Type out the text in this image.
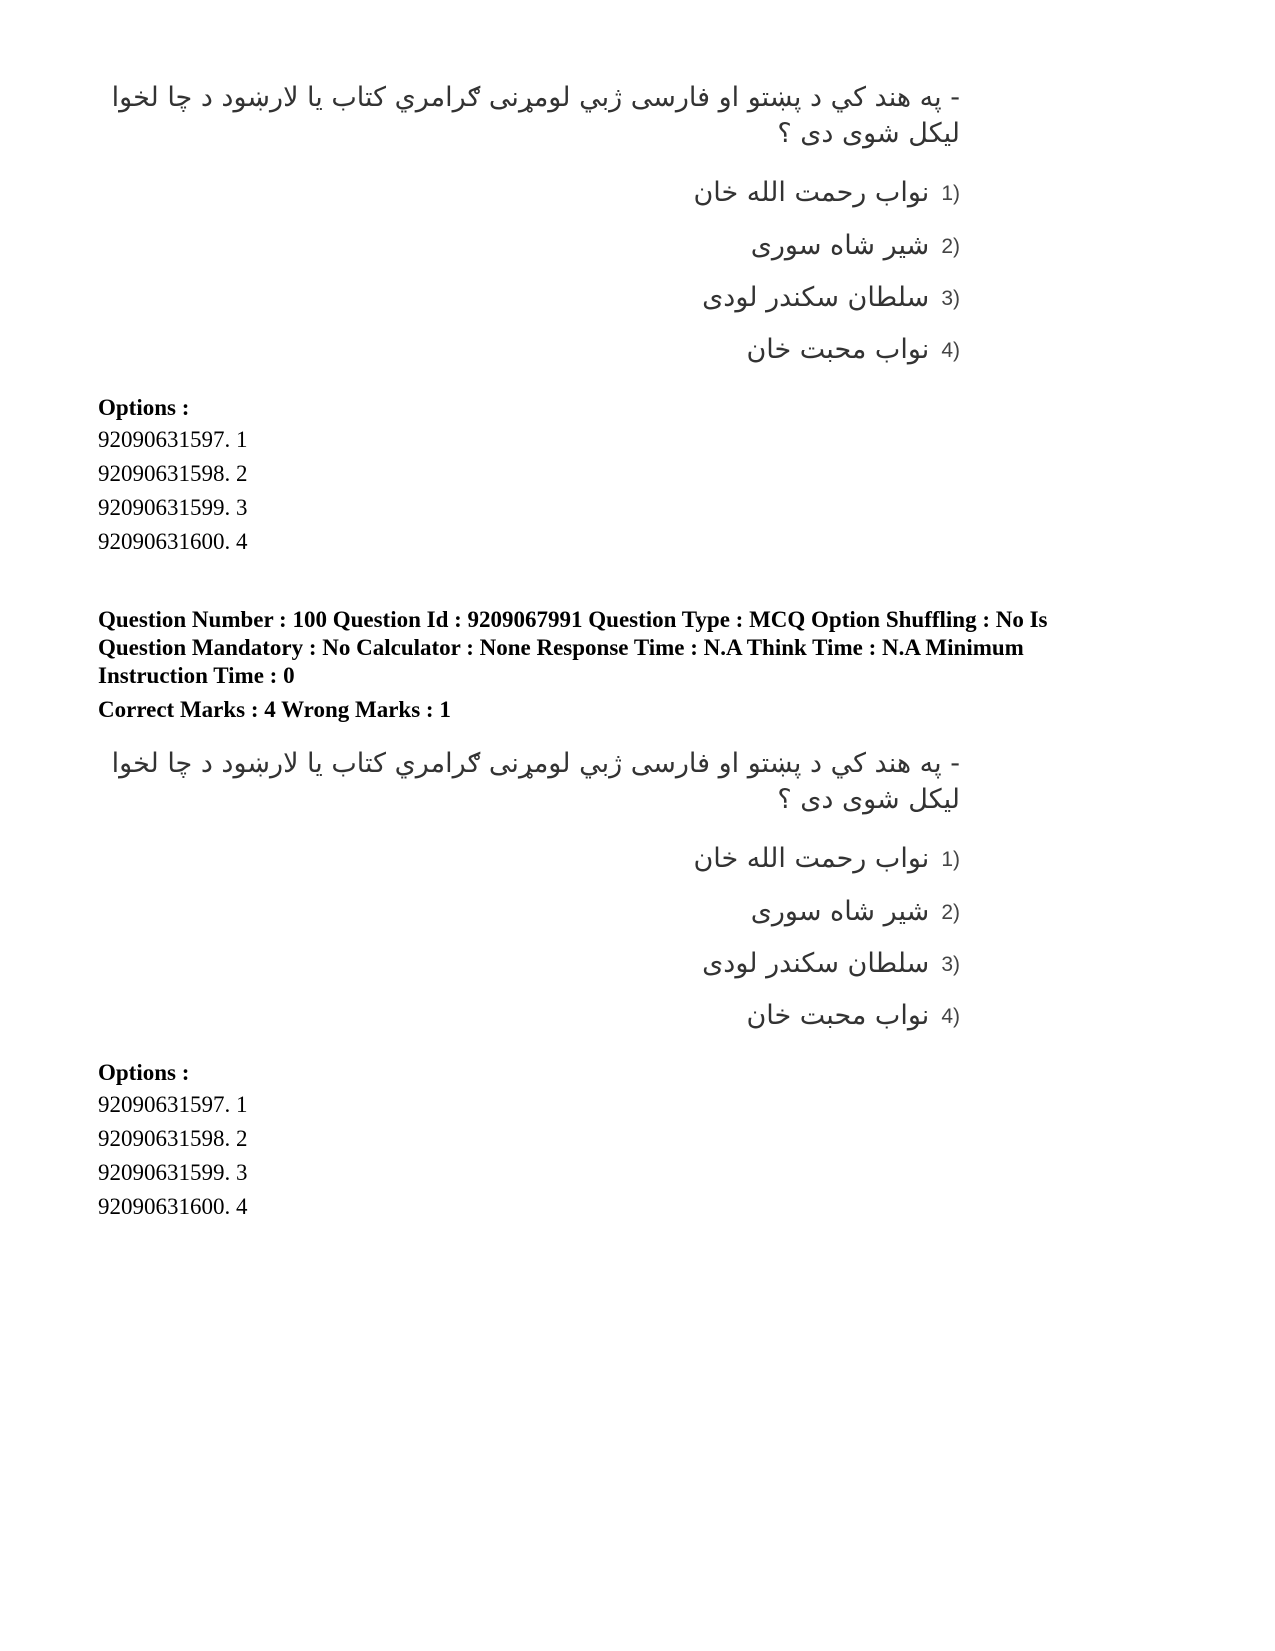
- په هند کي د پښتو او فارسی ژبي لومړنی ګرامري کتاب یا لارښود د چا لخوا لیکل شوی دی ؟

1)نواب رحمت الله خان
2)شیر شاه سوری
3)سلطان سکندر لودی
4)نواب محبت خان

Options :

92090631597. 1

92090631598. 2

92090631599. 3

92090631600. 4

Question Number : 100 Question Id : 9209067991 Question Type : MCQ Option Shuffling : No Is

Question Mandatory : No Calculator : None Response Time : N.A Think Time : N.A Minimum

Instruction Time : 0

Correct Marks : 4 Wrong Marks : 1

- په هند کي د پښتو او فارسی ژبي لومړنی ګرامري کتاب یا لارښود د چا لخوا لیکل شوی دی ؟

1)نواب رحمت الله خان
2)شیر شاه سوری
3)سلطان سکندر لودی
4)نواب محبت خان

Options :

92090631597. 1

92090631598. 2

92090631599. 3

92090631600. 4
